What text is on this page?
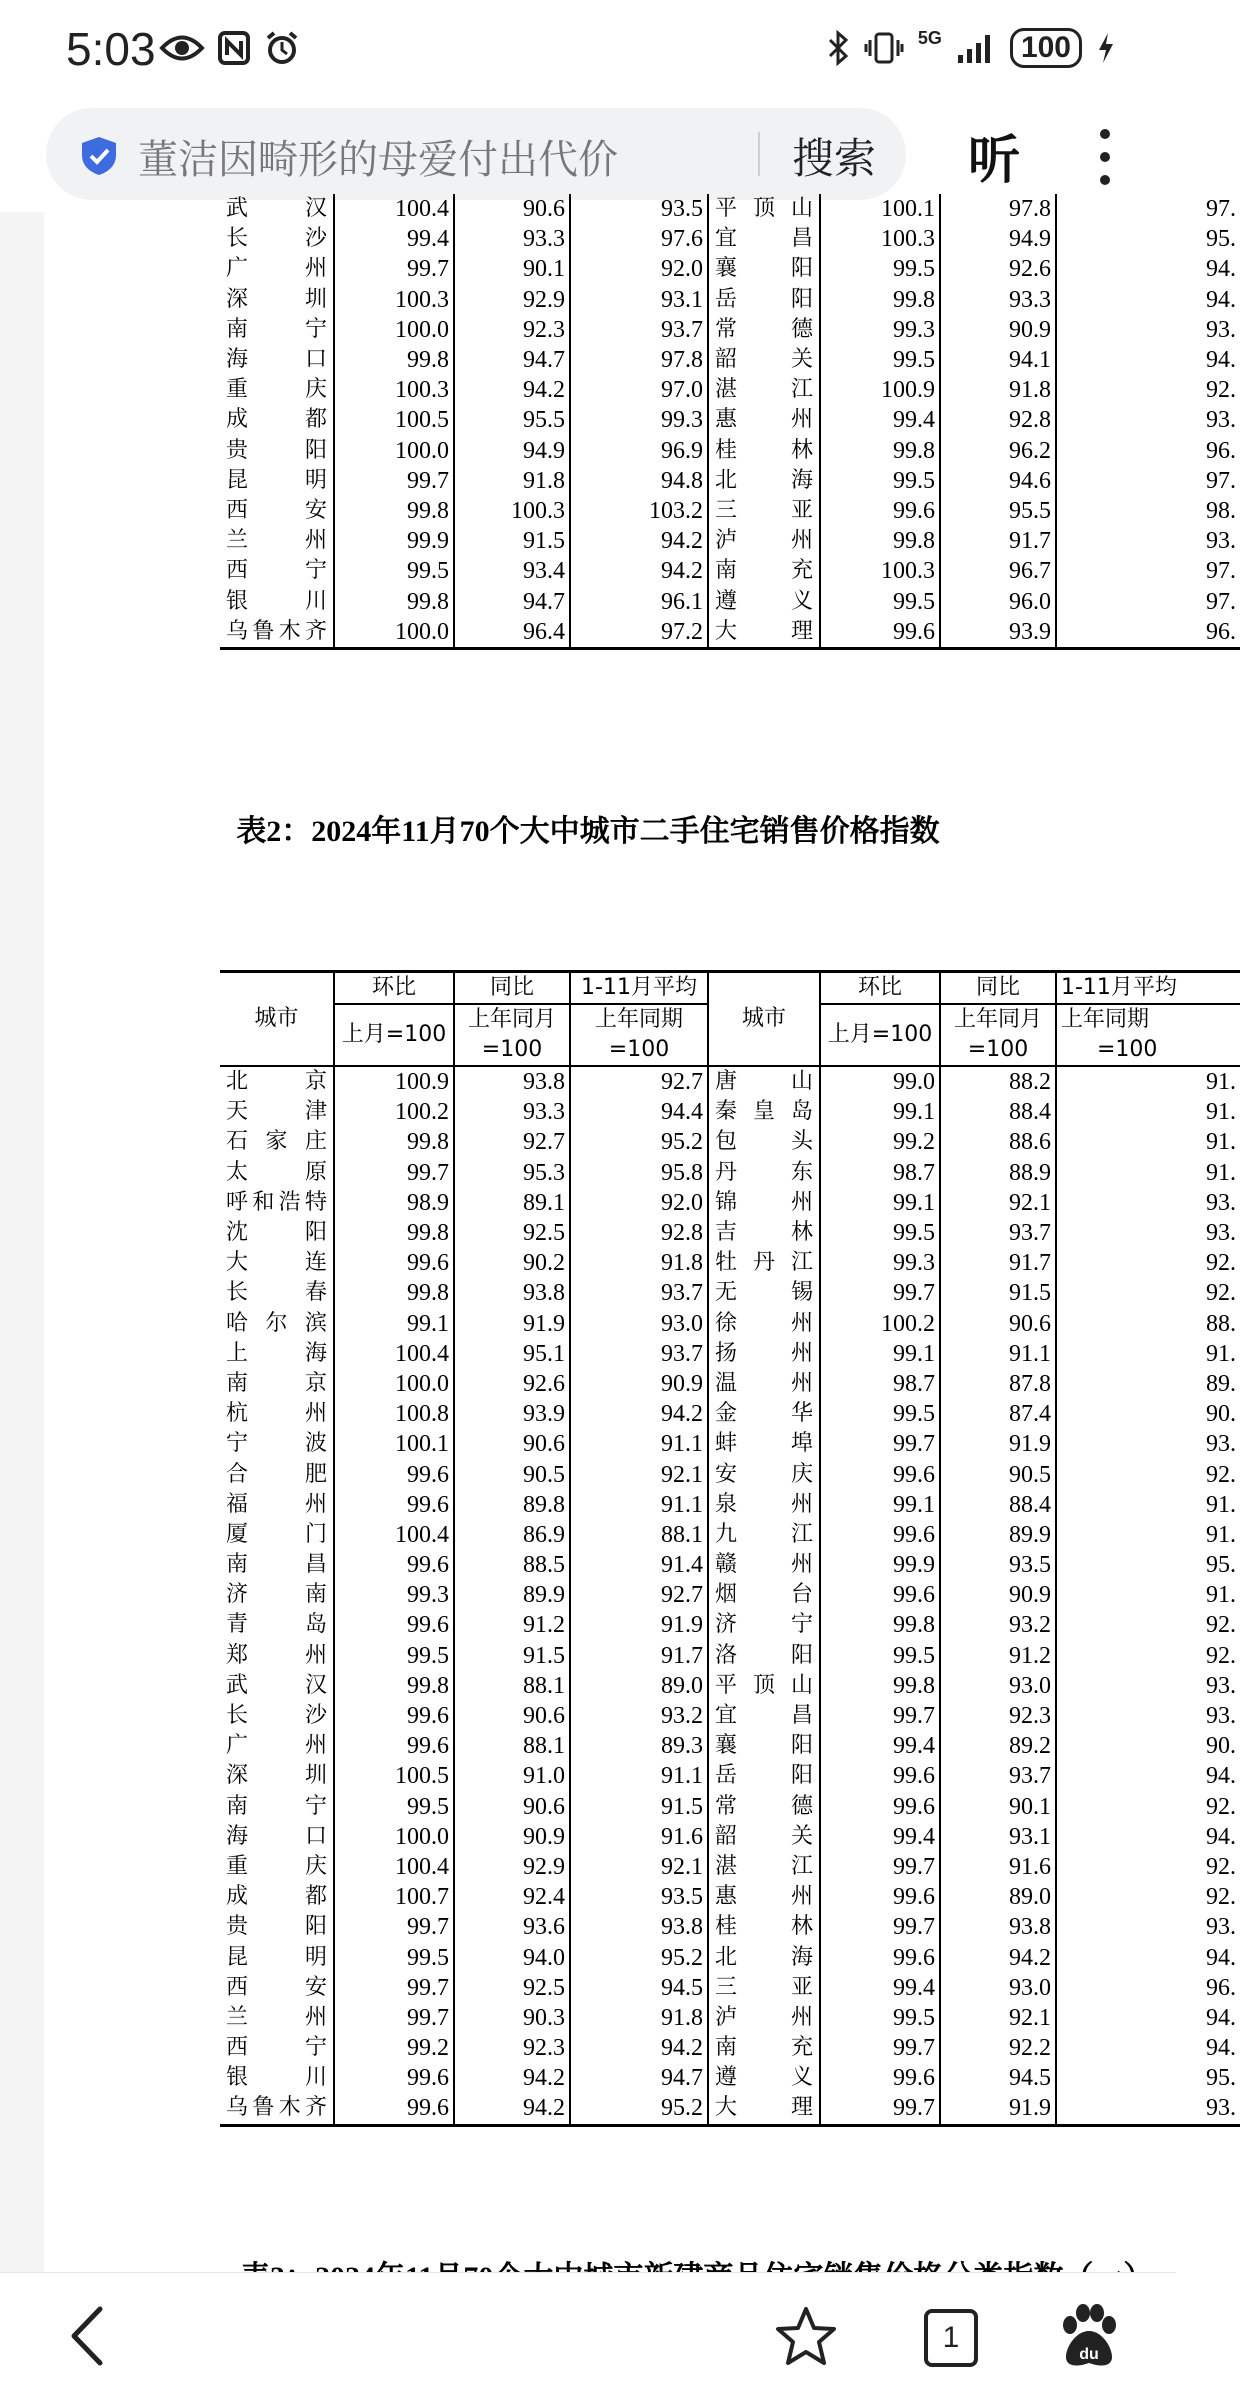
5:03	5G	100
董洁因畸形的母爱付出代价	搜索 听
武　汉	100.4	90.6	93.5	平顶山	100.1	97.8	97.
长　沙	99.4	93.3	97.6	宜　昌	100.3	94.9	95.
广　州	99.7	90.1	92.0	襄　阳	99.5	92.6	94.
深　圳	100.3	92.9	93.1	岳　阳	99.8	93.3	94.
南　宁	100.0	92.3	93.7	常　德	99.3	90.9	93.
海　口	99.8	94.7	97.8	韶　关	99.5	94.1	94.
重　庆	100.3	94.2	97.0	湛　江	100.9	91.8	92.
成　都	100.5	95.5	99.3	惠　州	99.4	92.8	93.
贵　阳	100.0	94.9	96.9	桂　林	99.8	96.2	96.
昆　明	99.7	91.8	94.8	北　海	99.5	94.6	97.
西　安	99.8	100.3	103.2	三　亚	99.6	95.5	98.
兰　州	99.9	91.5	94.2	泸　州	99.8	91.7	93.
西　宁	99.5	93.4	94.2	南　充	100.3	96.7	97.
银　川	99.8	94.7	96.1	遵　义	99.5	96.0	97.
乌鲁木齐	100.0	96.4	97.2	大　理	99.6	93.9	96.
表2：2024年11月70个大中城市二手住宅销售价格指数
城市	环比	同比	1-11月平均	城市	环比	同比	1-11月平均
	上月=100	上年同月	上年同期		上月=100	上年同月	上年同期
		=100	=100			=100	=100
北　京	100.9	93.8	92.7	唐　山	99.0	88.2	91.
天　津	100.2	93.3	94.4	秦皇岛	99.1	88.4	91.
石家庄	99.8	92.7	95.2	包　头	99.2	88.6	91.
太　原	99.7	95.3	95.8	丹　东	98.7	88.9	91.
呼和浩特	98.9	89.1	92.0	锦　州	99.1	92.1	93.
沈　阳	99.8	92.5	92.8	吉　林	99.5	93.7	93.
大　连	99.6	90.2	91.8	牡丹江	99.3	91.7	92.
长　春	99.8	93.8	93.7	无　锡	99.7	91.5	92.
哈尔滨	99.1	91.9	93.0	徐　州	100.2	90.6	88.
上　海	100.4	95.1	93.7	扬　州	99.1	91.1	91.
南　京	100.0	92.6	90.9	温　州	98.7	87.8	89.
杭　州	100.8	93.9	94.2	金　华	99.5	87.4	90.
宁　波	100.1	90.6	91.1	蚌　埠	99.7	91.9	93.
合　肥	99.6	90.5	92.1	安　庆	99.6	90.5	92.
福　州	99.6	89.8	91.1	泉　州	99.1	88.4	91.
厦　门	100.4	86.9	88.1	九　江	99.6	89.9	91.
南　昌	99.6	88.5	91.4	赣　州	99.9	93.5	95.
济　南	99.3	89.9	92.7	烟　台	99.6	90.9	91.
青　岛	99.6	91.2	91.9	济　宁	99.8	93.2	92.
郑　州	99.5	91.5	91.7	洛　阳	99.5	91.2	92.
武　汉	99.8	88.1	89.0	平顶山	99.8	93.0	93.
长　沙	99.6	90.6	93.2	宜　昌	99.7	92.3	93.
广　州	99.6	88.1	89.3	襄　阳	99.4	89.2	90.
深　圳	100.5	91.0	91.1	岳　阳	99.6	93.7	94.
南　宁	99.5	90.6	91.5	常　德	99.6	90.1	92.
海　口	100.0	90.9	91.6	韶　关	99.4	93.1	94.
重　庆	100.4	92.9	92.1	湛　江	99.7	91.6	92.
成　都	100.7	92.4	93.5	惠　州	99.6	89.0	92.
贵　阳	99.7	93.6	93.8	桂　林	99.7	93.8	93.
昆　明	99.5	94.0	95.2	北　海	99.6	94.2	94.
西　安	99.7	92.5	94.5	三　亚	99.4	93.0	96.
兰　州	99.7	90.3	91.8	泸　州	99.5	92.1	94.
西　宁	99.2	92.3	94.2	南　充	99.7	92.2	94.
银　川	99.6	94.2	94.7	遵　义	99.6	94.5	95.
乌鲁木齐	99.6	94.2	95.2	大　理	99.7	91.9	93.
1
du
